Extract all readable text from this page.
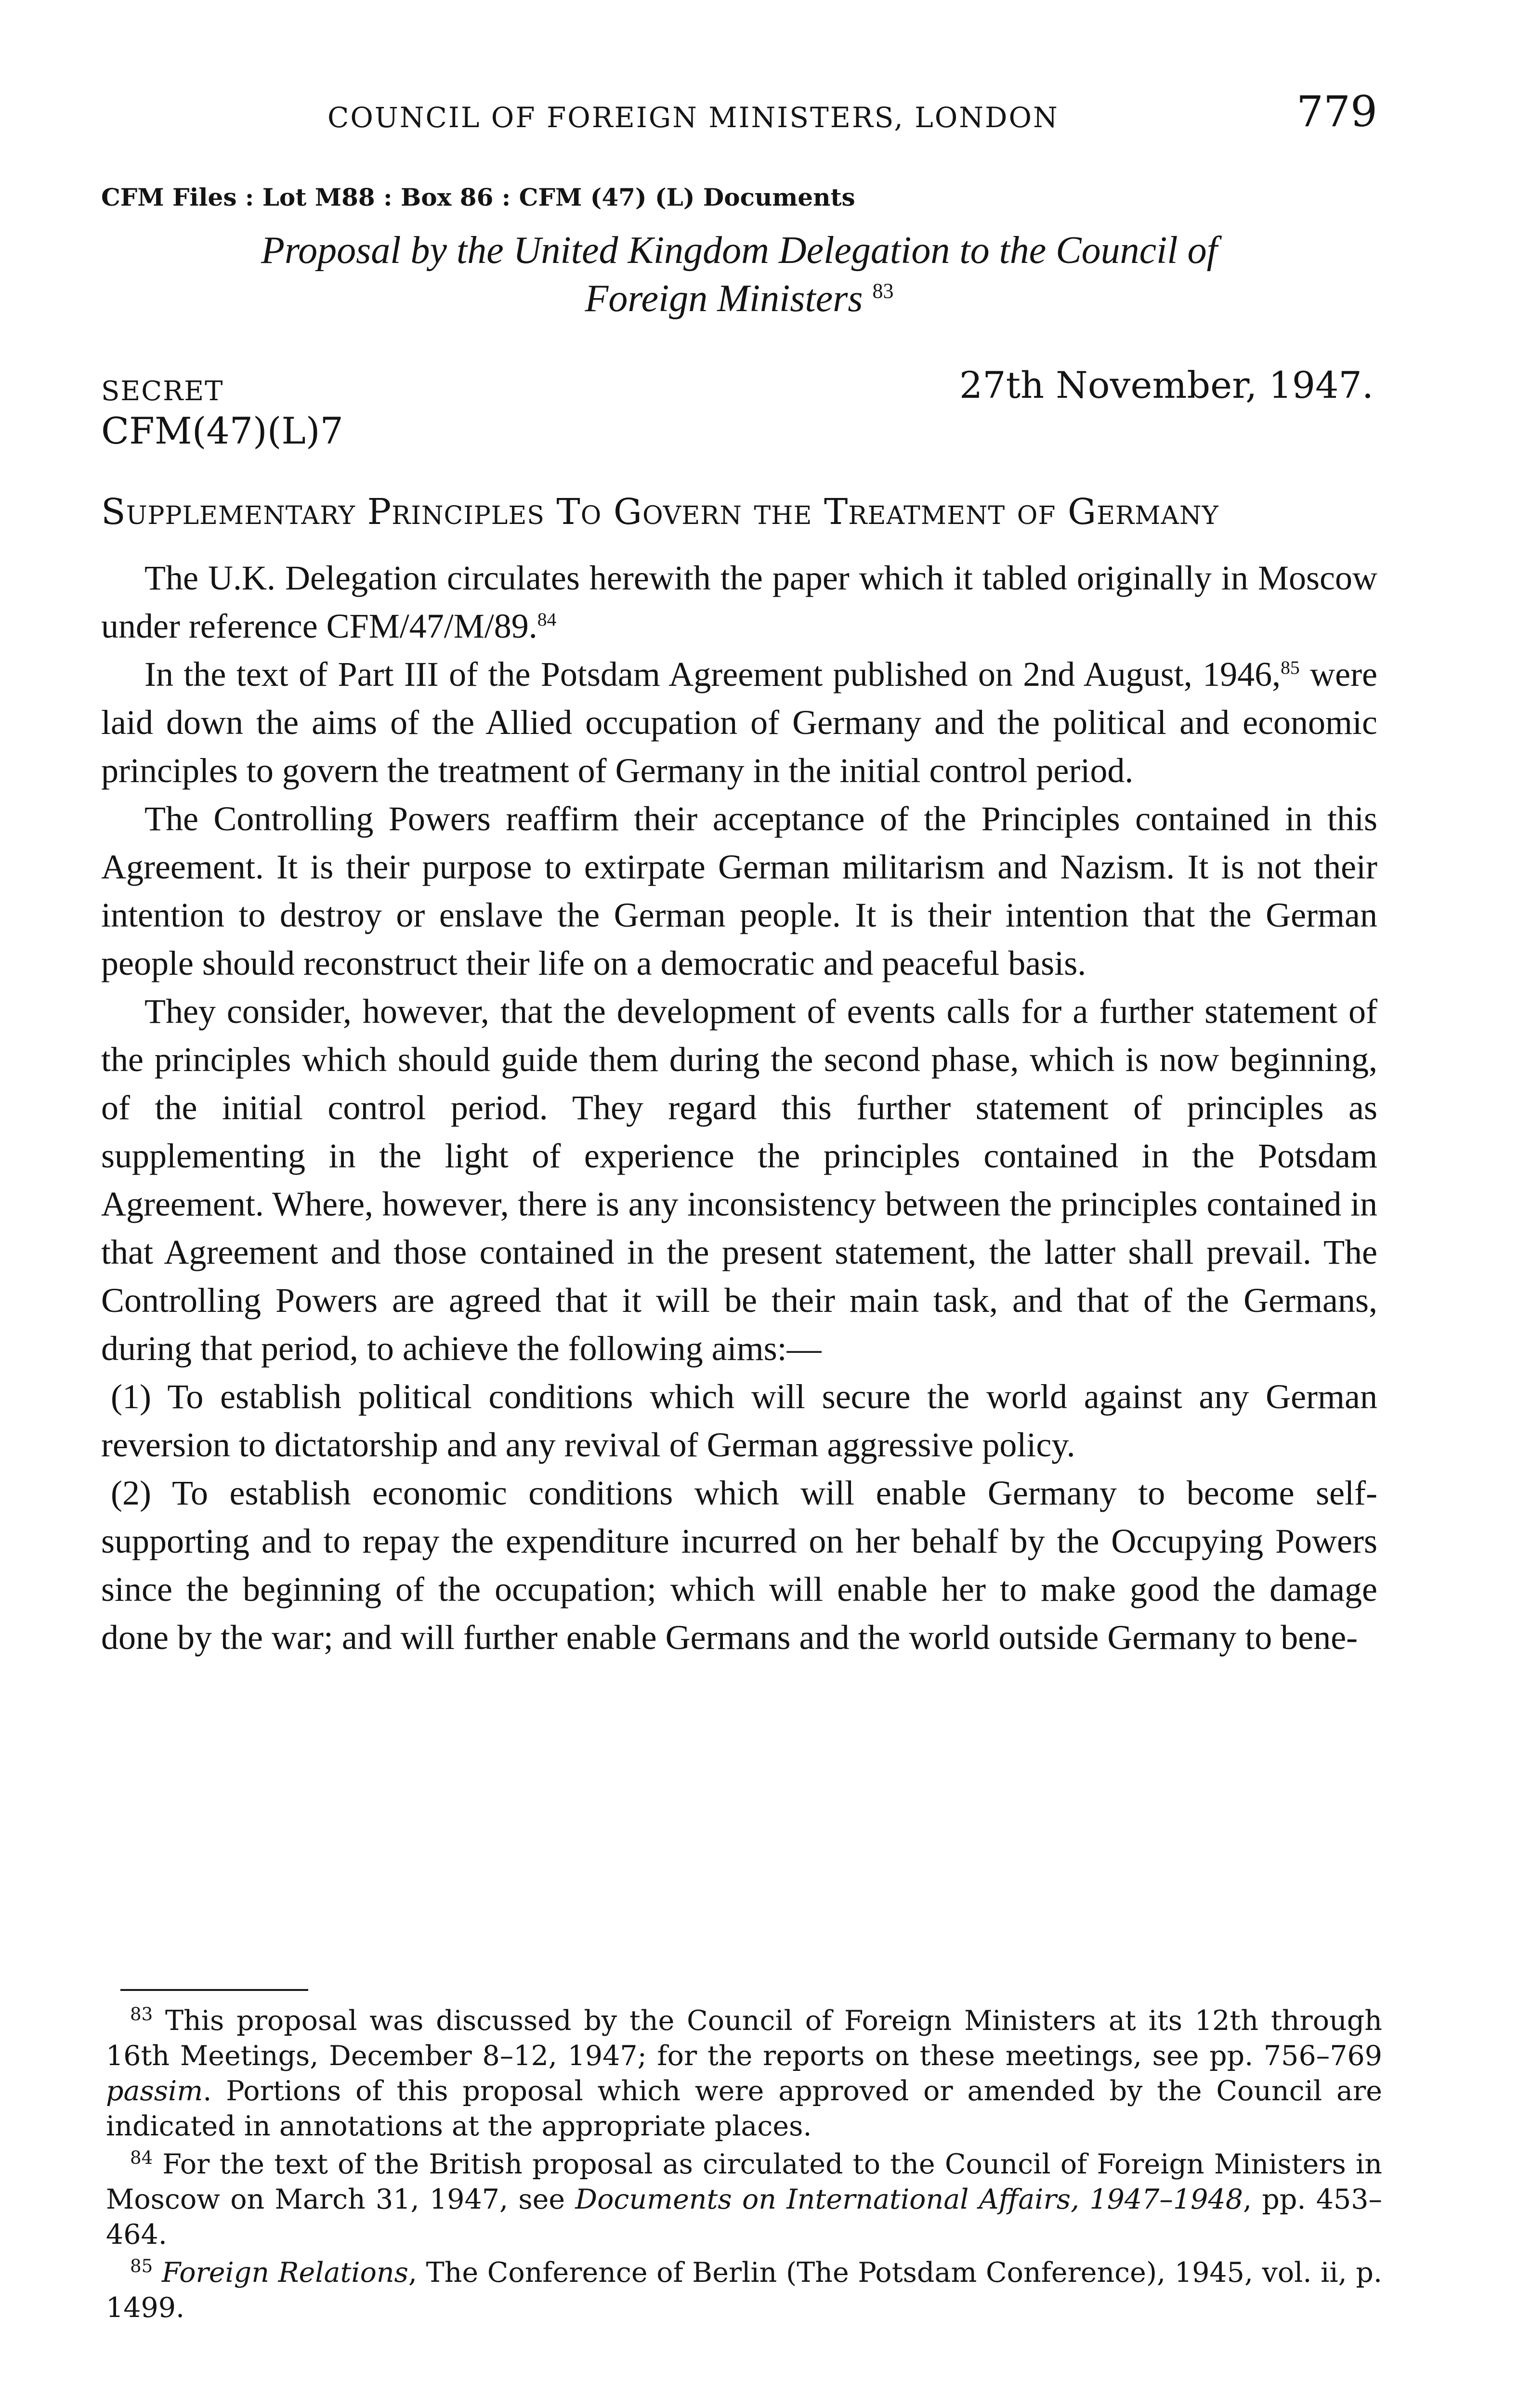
COUNCIL OF FOREIGN MINISTERS, LONDON	779
CFM Files : Lot M88 : Box 86 : CFM (47) (L) Documents
Proposal by the United Kingdom Delegation to the Council of
Foreign Ministers $^{83}$
SECRET	27th November, 1947.
CFM(47)(L)7
Supplementary Principles To Govern the Treatment of Germany

The U.K. Delegation circulates herewith the paper which it tabled originally in Moscow under reference CFM/47/M/89.84

In the text of Part III of the Potsdam Agreement published on 2nd August, 1946,85 were laid down the aims of the Allied occupation of Germany and the political and economic principles to govern the treatment of Germany in the initial control period.

The Controlling Powers reaffirm their acceptance of the Principles contained in this Agreement. It is their purpose to extirpate German militarism and Nazism. It is not their intention to destroy or enslave the German people. It is their intention that the German people should reconstruct their life on a democratic and peaceful basis.

They consider, however, that the development of events calls for a further statement of the principles which should guide them during the second phase, which is now beginning, of the initial control period. They regard this further statement of principles as supplementing in the light of experience the principles contained in the Potsdam Agreement. Where, however, there is any inconsistency between the principles contained in that Agreement and those contained in the present statement, the latter shall prevail. The Controlling Powers are agreed that it will be their main task, and that of the Germans, during that period, to achieve the following aims:—

(1) To establish political conditions which will secure the world against any German reversion to dictatorship and any revival of German aggressive policy.

(2) To establish economic conditions which will enable Germany to become self-supporting and to repay the expenditure incurred on her behalf by the Occupying Powers since the beginning of the occupation; which will enable her to make good the damage done by the war; and will further enable Germans and the world outside Germany to bene-

$^{83}$ This proposal was discussed by the Council of Foreign Ministers at its 12th through 16th Meetings, December 8–12, 1947; for the reports on these meetings, see pp. 756–769 passim. Portions of this proposal which were approved or amended by the Council are indicated in annotations at the appropriate places.

$^{84}$ For the text of the British proposal as circulated to the Council of Foreign Ministers in Moscow on March 31, 1947, see Documents on International Affairs, 1947–1948, pp. 453–464.

$^{85}$ Foreign Relations, The Conference of Berlin (The Potsdam Conference), 1945, vol. ii, p. 1499.
